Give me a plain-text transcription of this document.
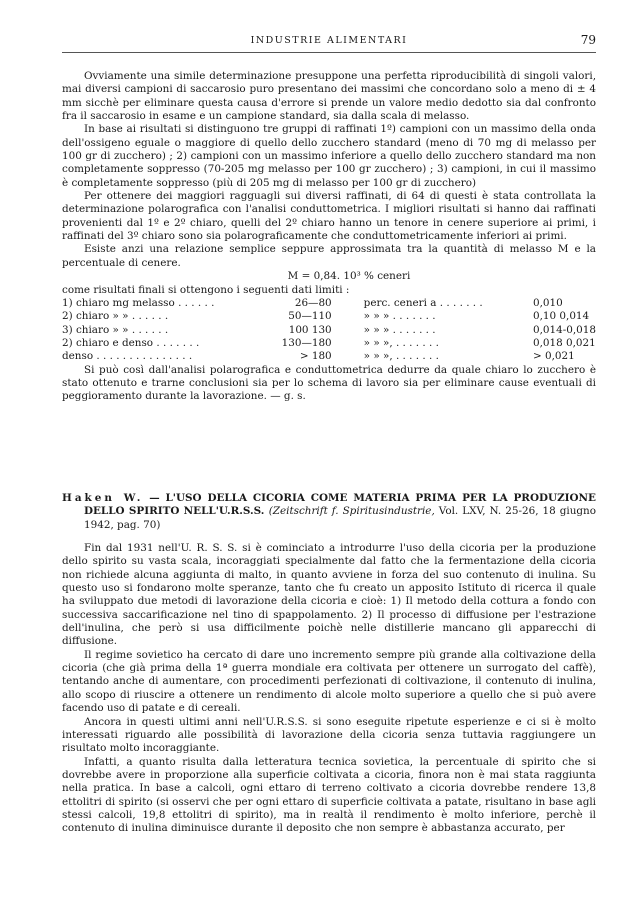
INDUSTRIE ALIMENTARI	79

Ovviamente una simile determinazione presuppone una perfetta riproducibilità di singoli valori, mai diversi campioni di saccarosio puro presentano dei massimi che concordano solo a meno di ± 4 mm sicchè per eliminare questa causa d'errore si prende un valore medio dedotto sia dal confronto fra il saccarosio in esame e un campione standard, sia dalla scala di melasso.

In base ai risultati si distinguono tre gruppi di raffinati 1º) campioni con un massimo della onda dell'ossigeno eguale o maggiore di quello dello zucchero standard (meno di 70 mg di melasso per 100 gr di zucchero) ; 2) campioni con un massimo inferiore a quello dello zucchero standard ma non completamente soppresso (70-205 mg melasso per 100 gr zucchero) ; 3) campioni, in cui il massimo è completamente soppresso (più di 205 mg di melasso per 100 gr di zucchero)

Per ottenere dei maggiori ragguagli sui diversi raffinati, di 64 di questi è stata controllata la determinazione polarografica con l'analisi conduttometrica. I migliori risultati si hanno dai raffinati provenienti dal 1º e 2º chiaro, quelli del 2º chiaro hanno un tenore in cenere superiore ai primi, i raffinati del 3º chiaro sono sia polarograficamente che conduttometricamente inferiori ai primi.

Esiste anzi una relazione semplice seppure approssimata tra la quantità di melasso M e la percentuale di cenere.

M = 0,84. 10³ % ceneri

come risultati finali si ottengono i seguenti dati limiti :

1) chiaro mg melasso . . . . . .	26—80	perc. ceneri a . . . . . . .	0,010
2) chiaro » » . . . . . .	50—110	» » » . . . . . . .	0,10 0,014
3) chiaro » » . . . . . .	100 130	» » » . . . . . . .	0,014-0,018
2) chiaro e denso . . . . . . .	130—180	» » », . . . . . . .	0,018 0,021
denso . . . . . . . . . . . . . . .	> 180	» » », . . . . . . .	> 0,021

Si può così dall'analisi polarografica e conduttometrica dedurre da quale chiaro lo zucchero è stato ottenuto e trarne conclusioni sia per lo schema di lavoro sia per eliminare cause eventuali di peggioramento durante la lavorazione. — g. s.

Haken W. — L'USO DELLA CICORIA COME MATERIA PRIMA PER LA PRODUZIONE DELLO SPIRITO NELL'U.R.S.S. (Zeitschrift f. Spiritusindustrie, Vol. LXV, N. 25-26, 18 giugno 1942, pag. 70)

Fin dal 1931 nell'U. R. S. S. si è cominciato a introdurre l'uso della cicoria per la produzione dello spirito su vasta scala, incoraggiati specialmente dal fatto che la fermentazione della cicoria non richiede alcuna aggiunta di malto, in quanto avviene in forza del suo contenuto di inulina. Su questo uso si fondarono molte speranze, tanto che fu creato un apposito Istituto di ricerca il quale ha sviluppato due metodi di lavorazione della cicoria e cioè: 1) Il metodo della cottura a fondo con successiva saccarificazione nel tino di spappolamento. 2) Il processo di diffusione per l'estrazione dell'inulina, che però si usa difficilmente poichè nelle distillerie mancano gli apparecchi di diffusione.

Il regime sovietico ha cercato di dare uno incremento sempre più grande alla coltivazione della cicoria (che già prima della 1ª guerra mondiale era coltivata per ottenere un surrogato del caffè), tentando anche di aumentare, con procedimenti perfezionati di coltivazione, il contenuto di inulina, allo scopo di riuscire a ottenere un rendimento di alcole molto superiore a quello che si può avere facendo uso di patate e di cereali.

Ancora in questi ultimi anni nell'U.R.S.S. si sono eseguite ripetute esperienze e ci si è molto interessati riguardo alle possibilità di lavorazione della cicoria senza tuttavia raggiungere un risultato molto incoraggiante.

Infatti, a quanto risulta dalla letteratura tecnica sovietica, la percentuale di spirito che si dovrebbe avere in proporzione alla superficie coltivata a cicoria, finora non è mai stata raggiunta nella pratica. In base a calcoli, ogni ettaro di terreno coltivato a cicoria dovrebbe rendere 13,8 ettolitri di spirito (si osservi che per ogni ettaro di superficie coltivata a patate, risultano in base agli stessi calcoli, 19,8 ettolitri di spirito), ma in realtà il rendimento è molto inferiore, perchè il contenuto di inulina diminuisce durante il deposito che non sempre è abbastanza accurato, per
